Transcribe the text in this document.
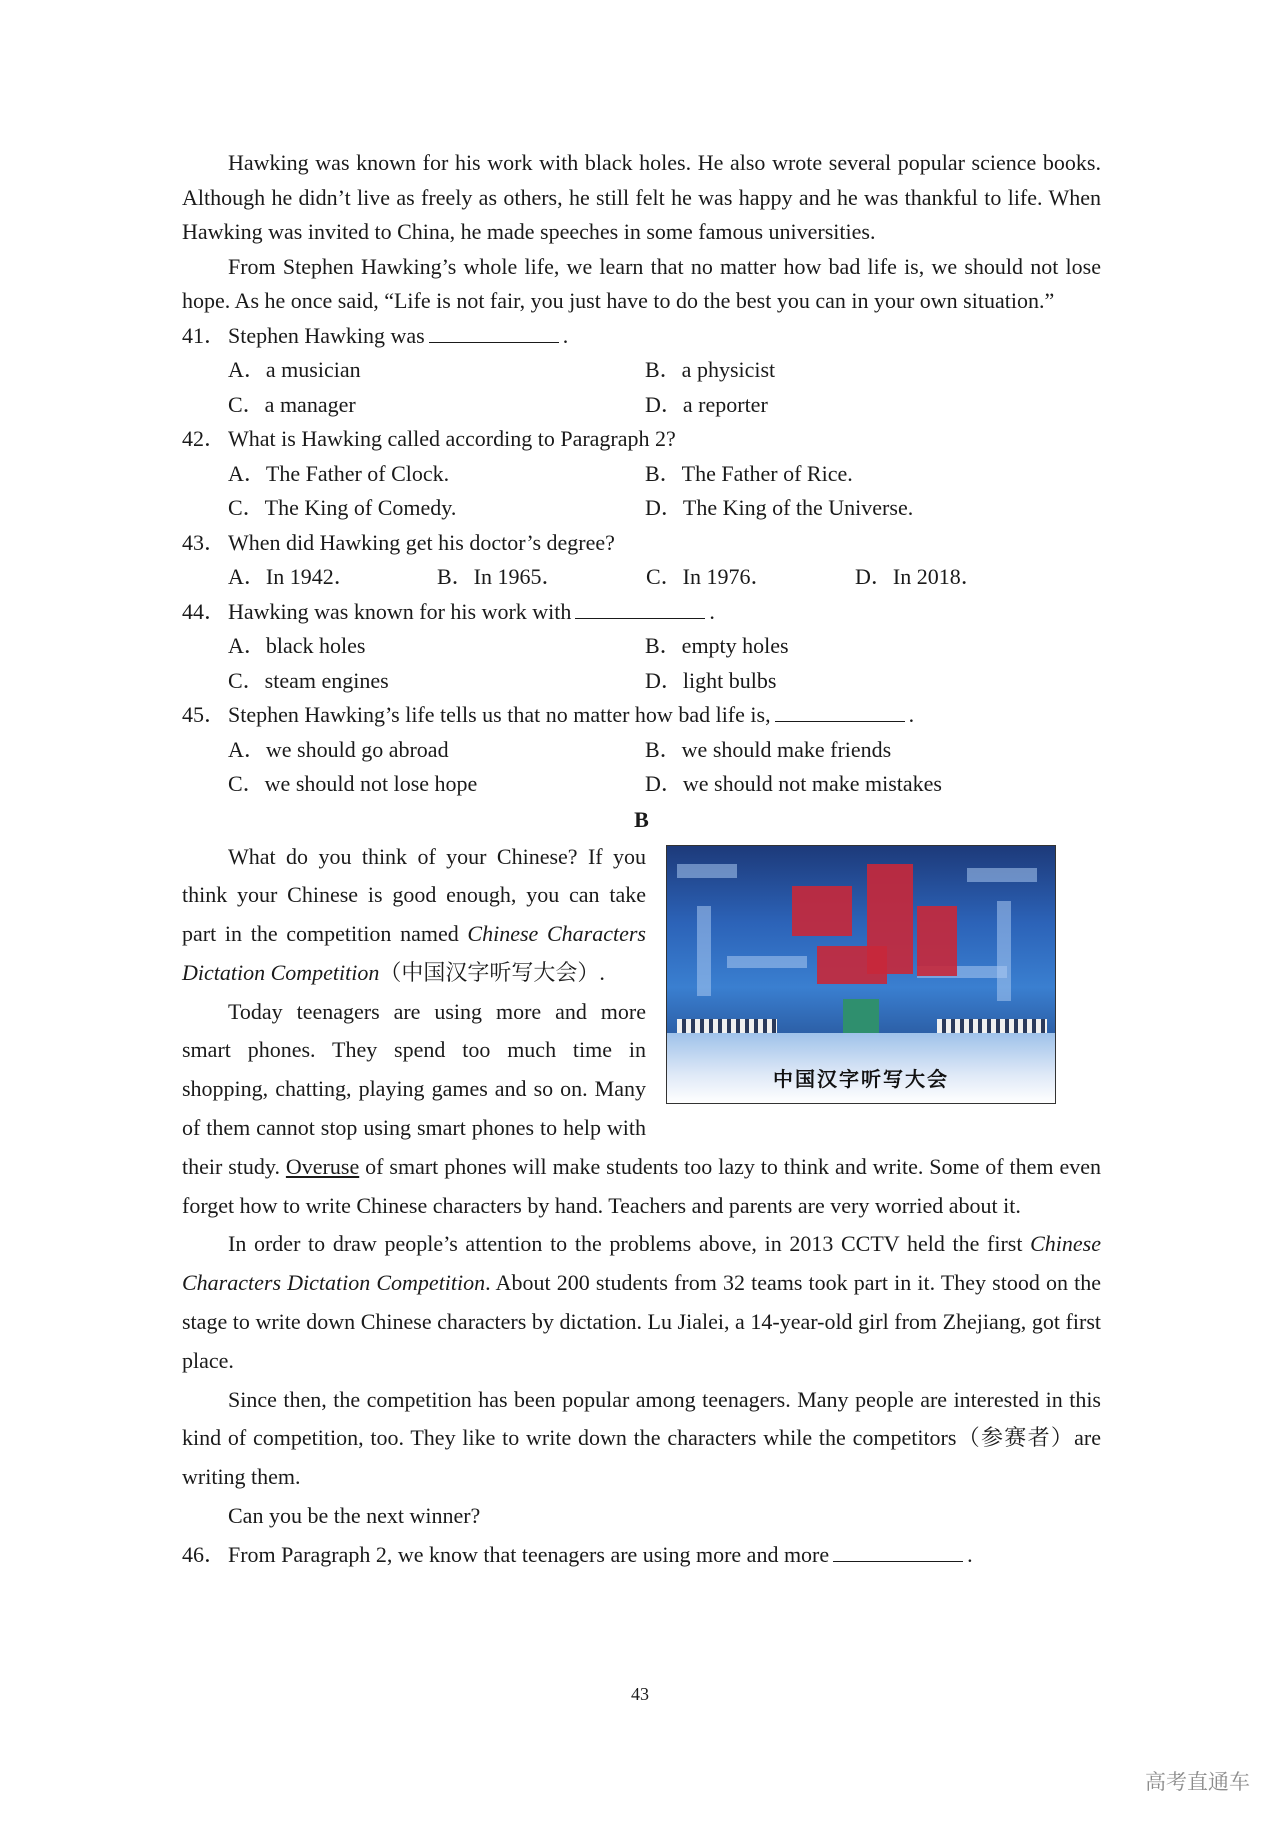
Hawking was known for his work with black holes. He also wrote several popular science books. Although he didn’t live as freely as others, he still felt he was happy and he was thankful to life. When Hawking was invited to China, he made speeches in some famous universities.

From Stephen Hawking’s whole life, we learn that no matter how bad life is, we should not lose hope. As he once said, “Life is not fair, you just have to do the best you can in your own situation.”

41． Stephen Hawking was	.
A．a musician	B．a physicist
C．a manager	D．a reporter
42． What is Hawking called according to Paragraph 2?
A．The Father of Clock.	B．The Father of Rice.
C．The King of Comedy.	D．The King of the Universe.
43． When did Hawking get his doctor’s degree?
A．In 1942．	B．In 1965．	C．In 1976．	D．In 2018．
44． Hawking was known for his work with	.
A．black holes	B．empty holes
C．steam engines	D．light bulbs
45． Stephen Hawking’s life tells us that no matter how bad life is,	.
A．we should go abroad	B．we should make friends
C．we should not lose hope	D．we should not make mistakes
B
中国汉字听写大会

What do you think of your Chinese? If you think your Chinese is good enough, you can take part in the competition named Chinese Characters Dictation Competition（中国汉字听写大会）.

Today teenagers are using more and more smart phones. They spend too much time in shopping, chatting, playing games and so on. Many of them cannot stop using smart phones to help with their study. Overuse of smart phones will make students too lazy to think and write. Some of them even forget how to write Chinese characters by hand. Teachers and parents are very worried about it.

In order to draw people’s attention to the problems above, in 2013 CCTV held the first Chinese Characters Dictation Competition. About 200 students from 32 teams took part in it. They stood on the stage to write down Chinese characters by dictation. Lu Jialei, a 14-year-old girl from Zhejiang, got first place.

Since then, the competition has been popular among teenagers. Many people are interested in this kind of competition, too. They like to write down the characters while the competitors（参赛者）are writing them.

Can you be the next winner?

46． From Paragraph 2, we know that teenagers are using more and more	.
43
高考直通车
